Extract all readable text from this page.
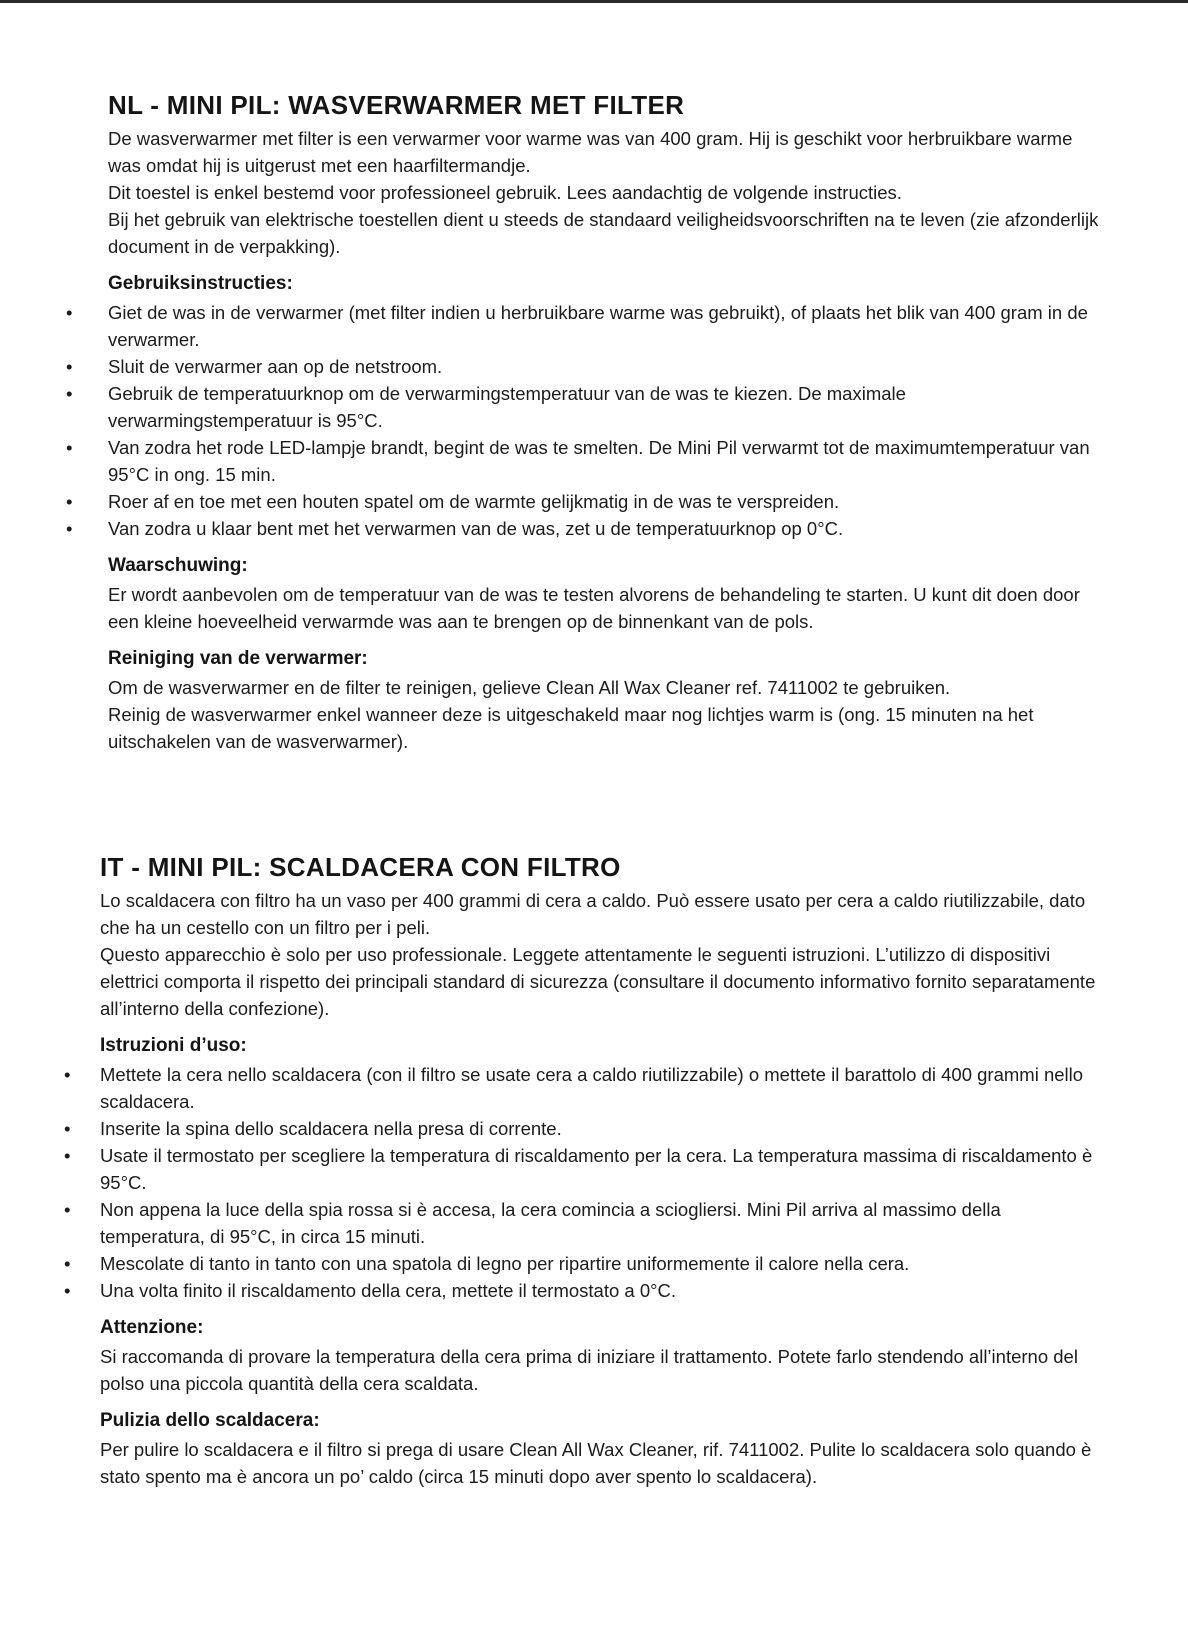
NL - MINI PIL: WASVERWARMER MET FILTER

De wasverwarmer met filter is een verwarmer voor warme was van 400 gram. Hij is geschikt voor herbruikbare warme was omdat hij is uitgerust met een haarfiltermandje.

Dit toestel is enkel bestemd voor professioneel gebruik. Lees aandachtig de volgende instructies.

Bij het gebruik van elektrische toestellen dient u steeds de standaard veiligheidsvoorschriften na te leven (zie afzonderlijk document in de verpakking).

Gebruiksinstructies:
• Giet de was in de verwarmer (met filter indien u herbruikbare warme was gebruikt), of plaats het blik van 400 gram in de verwarmer.
• Sluit de verwarmer aan op de netstroom.
• Gebruik de temperatuurknop om de verwarmingstemperatuur van de was te kiezen. De maximale verwarmingstemperatuur is 95°C.
• Van zodra het rode LED-lampje brandt, begint de was te smelten. De Mini Pil verwarmt tot de maximumtemperatuur van 95°C in ong. 15 min.
• Roer af en toe met een houten spatel om de warmte gelijkmatig in de was te verspreiden.
• Van zodra u klaar bent met het verwarmen van de was, zet u de temperatuurknop op 0°C.
Waarschuwing:

Er wordt aanbevolen om de temperatuur van de was te testen alvorens de behandeling te starten. U kunt dit doen door een kleine hoeveelheid verwarmde was aan te brengen op de binnenkant van de pols.

Reiniging van de verwarmer:

Om de wasverwarmer en de filter te reinigen, gelieve Clean All Wax Cleaner ref. 7411002 te gebruiken.

Reinig de wasverwarmer enkel wanneer deze is uitgeschakeld maar nog lichtjes warm is (ong. 15 minuten na het uitschakelen van de wasverwarmer).

IT - MINI PIL: SCALDACERA CON FILTRO

Lo scaldacera con filtro ha un vaso per 400 grammi di cera a caldo. Può essere usato per cera a caldo riutilizzabile, dato che ha un cestello con un filtro per i peli.

Questo apparecchio è solo per uso professionale. Leggete attentamente le seguenti istruzioni. L’utilizzo di dispositivi elettrici comporta il rispetto dei principali standard di sicurezza (consultare il documento informativo fornito separatamente all’interno della confezione).

Istruzioni d’uso:
• Mettete la cera nello scaldacera (con il filtro se usate cera a caldo riutilizzabile) o mettete il barattolo di 400 grammi nello scaldacera.
• Inserite la spina dello scaldacera nella presa di corrente.
• Usate il termostato per scegliere la temperatura di riscaldamento per la cera. La temperatura massima di riscaldamento è 95°C.
• Non appena la luce della spia rossa si è accesa, la cera comincia a sciogliersi. Mini Pil arriva al massimo della temperatura, di 95°C, in circa 15 minuti.
• Mescolate di tanto in tanto con una spatola di legno per ripartire uniformemente il calore nella cera.
• Una volta finito il riscaldamento della cera, mettete il termostato a 0°C.
Attenzione:

Si raccomanda di provare la temperatura della cera prima di iniziare il trattamento. Potete farlo stendendo all’interno del polso una piccola quantità della cera scaldata.

Pulizia dello scaldacera:

Per pulire lo scaldacera e il filtro si prega di usare Clean All Wax Cleaner, rif. 7411002. Pulite lo scaldacera solo quando è stato spento ma è ancora un po’ caldo (circa 15 minuti dopo aver spento lo scaldacera).
